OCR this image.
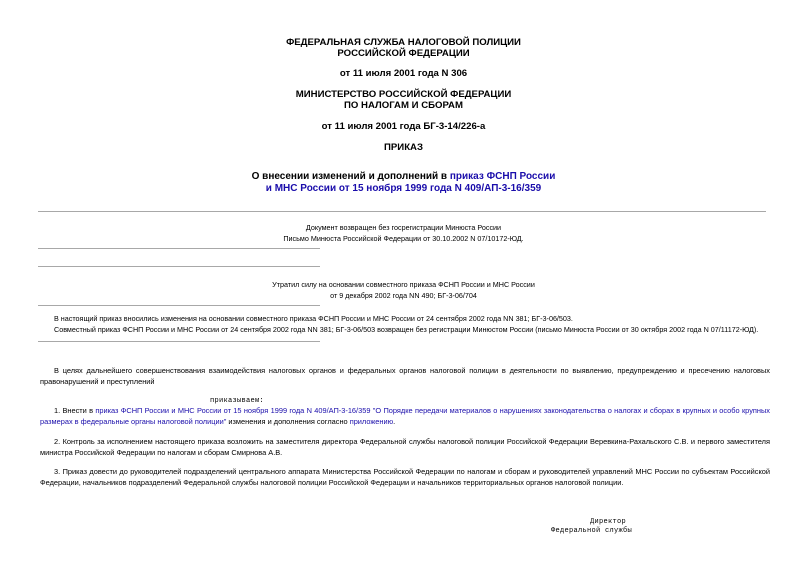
ФЕДЕРАЛЬНАЯ СЛУЖБА НАЛОГОВОЙ ПОЛИЦИИ
РОССИЙСКОЙ ФЕДЕРАЦИИ
от 11 июля 2001 года N 306
МИНИСТЕРСТВО РОССИЙСКОЙ ФЕДЕРАЦИИ
ПО НАЛОГАМ И СБОРАМ
от 11 июля 2001 года БГ-3-14/226-а
ПРИКАЗ
О внесении изменений и дополнений в приказ ФСНП России
и МНС России от 15 ноября 1999 года N 409/АП-3-16/359
Документ возвращен без госрегистрации Минюста России
Письмо Минюста Российской Федерации от 30.10.2002 N 07/10172-ЮД.
Утратил силу на основании совместного приказа ФСНП России и МНС России
от 9 декабря 2002 года NN 490; БГ-3-06/704
В настоящий приказ вносились изменения на основании совместного приказа ФСНП России и МНС России от 24 сентября 2002 года NN 381; БГ-3-06/503.
Совместный приказ ФСНП России и МНС России от 24 сентября 2002 года NN 381; БГ-3-06/503 возвращен без регистрации Минюстом России (письмо Минюста России от 30 октября 2002 года N 07/11172-ЮД).
В целях дальнейшего совершенствования взаимодействия налоговых органов и федеральных органов налоговой полиции в деятельности по выявлению, предупреждению и пресечению налоговых правонарушений и преступлений
приказываем:
1. Внести в приказ ФСНП России и МНС России от 15 ноября 1999 года N 409/АП-3-16/359 "О Порядке передачи материалов о нарушениях законодательства о налогах и сборах в крупных и особо крупных размерах в федеральные органы налоговой полиции" изменения и дополнения согласно приложению.
2. Контроль за исполнением настоящего приказа возложить на заместителя директора Федеральной службы налоговой полиции Российской Федерации Веревкина-Рахальского С.В. и первого заместителя министра Российской Федерации по налогам и сборам Смирнова А.В.
3. Приказ довести до руководителей подразделений центрального аппарата Министерства Российской Федерации по налогам и сборам и руководителей управлений МНС России по субъектам Российской Федерации, начальников подразделений Федеральной службы налоговой полиции Российской Федерации и начальников территориальных органов налоговой полиции.
Директор
Федеральной службы
